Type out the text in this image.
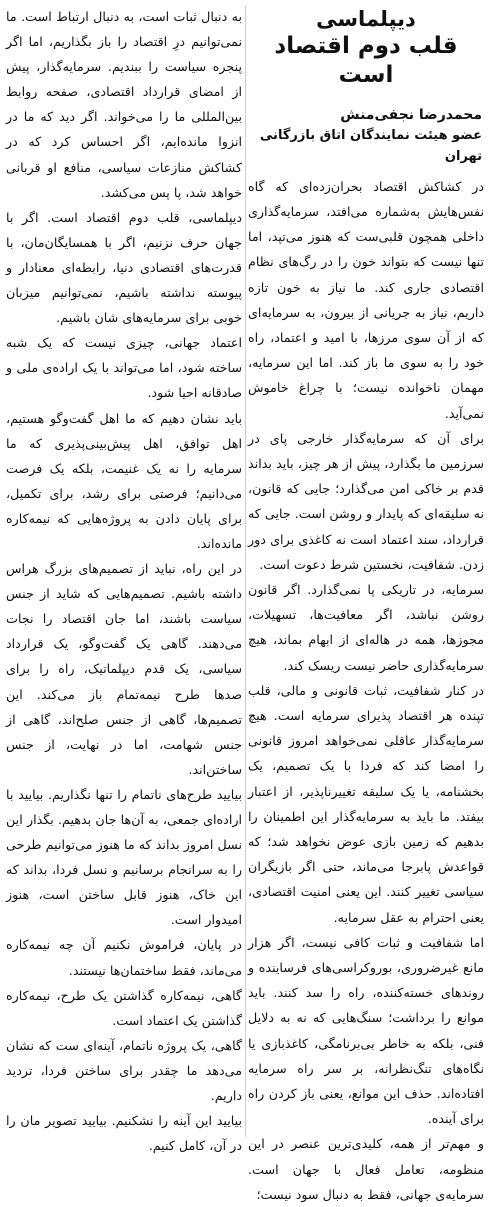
دیپلماسی
قلب دوم اقتصاد است
محمدرضا نجفی‌منش
عضو هیئت نمایندگان اتاق بازرگانی تهران

در کشاکش اقتصاد بحران‌زده‌ای که گاه نفس‌هایش به‌شماره می‌افتد، سرمایه‌گذاری داخلی همچون قلبی‌ست که هنوز می‌تپد، اما تنها نیست که بتواند خون را در رگ‌های نظام اقتصادی جاری کند. ما نیاز به خون تازه داریم، نیاز به جریانی از بیرون، به سرمایه‌ای که از آن سوی مرزها، با امید و اعتماد، راه خود را به سوی ما باز کند. اما این سرمایه، مهمان ناخوانده نیست؛ با چراغ خاموش نمی‌آید.

برای آن که سرمایه‌گذار خارجی پای در سرزمین ما بگذارد، پیش از هر چیز، باید بداند قدم بر خاکی امن می‌گذارد؛ جایی که قانون، نه سلیقه‌ای که پایدار و روشن است. جایی که قرارداد، سند اعتماد است نه کاغذی برای دور زدن. شفافیت، نخستین شرط دعوت است.

سرمایه، در تاریکی پا نمی‌گذارد. اگر قانون روشن نباشد، اگر معافیت‌ها، تسهیلات، مجوزها، همه در هاله‌ای از ابهام بماند، هیچ سرمایه‌گذاری حاضر نیست ریسک کند.

در کنار شفافیت، ثبات قانونی و مالی، قلب تپنده هر اقتصاد پذیرای سرمایه است. هیچ سرمایه‌گذار عاقلی نمی‌خواهد امروز قانونی را امضا کند که فردا با یک تصمیم، یک بخشنامه، یا یک سلیقه تغییرناپذیر، از اعتبار بیفتد. ما باید به سرمایه‌گذار این اطمینان را بدهیم که زمین بازی عوض نخواهد شد؛ که قواعدش پابرجا می‌ماند، حتی اگر بازیگران سیاسی تغییر کنند. این یعنی امنیت اقتصادی، یعنی احترام به عقل سرمایه.

اما شفافیت و ثبات کافی نیست، اگر هزار مانع غیرضروری، بوروکراسی‌های فرساینده و روندهای خسته‌کننده، راه را سد کنند. باید موانع را برداشت؛ سنگ‌هایی که نه به دلایل فنی، بلکه به خاطر بی‌برنامگی، کاغذبازی یا نگاه‌های تنگ‌نظرانه، بر سر راه سرمایه افتاده‌اند. حذف این موانع، یعنی باز کردن راه برای آینده.

و مهم‌تر از همه، کلیدی‌ترین عنصر در این منظومه، تعامل فعال با جهان است. سرمایه‌ی جهانی، فقط به دنبال سود نیست؛

به دنبال ثبات است، به دنبال ارتباط است. ما نمی‌توانیم درِ اقتصاد را باز بگذاریم، اما اگر پنجره سیاست را ببندیم. سرمایه‌گذار، پیش از امضای قرارداد اقتصادی، صفحه روابط بین‌المللی ما را می‌خواند. اگر دید که ما در انزوا مانده‌ایم، اگر احساس کرد که در کشاکش منازعات سیاسی، منافع او قربانی خواهد شد، پا پس می‌کشد.

دیپلماسی، قلب دوم اقتصاد است. اگر با جهان حرف نزنیم، اگر با همسایگان‌مان، با قدرت‌های اقتصادی دنیا، رابطه‌ای معنادار و پیوسته نداشته باشیم، نمی‌توانیم میزبان خوبی برای سرمایه‌های شان باشیم.

اعتماد جهانی، چیزی نیست که یک شبه ساخته شود، اما می‌تواند با یک اراده‌ی ملی و صادقانه احیا شود.

باید نشان دهیم که ما اهل گفت‌وگو هستیم، اهل توافق، اهل پیش‌بینی‌پذیری که ما سرمایه را نه یک غنیمت، بلکه یک فرصت می‌دانیم؛ فرصتی برای رشد، برای تکمیل، برای پایان دادن به پروژه‌هایی که نیمه‌کاره مانده‌اند.

در این راه، نباید از تصمیم‌های بزرگ هراس داشته باشیم. تصمیم‌هایی که شاید از جنس سیاست باشند، اما جان اقتصاد را نجات می‌دهند. گاهی یک گفت‌وگو، یک قرارداد سیاسی، یک قدم دیپلماتیک، راه را برای صدها طرح نیمه‌تمام باز می‌کند. این تصمیم‌ها، گاهی از جنس صلح‌اند، گاهی از جنس شهامت، اما در نهایت، از جنس ساختن‌اند.

بیایید طرح‌های ناتمام را تنها نگذاریم. بیایید با اراده‌ای جمعی، به آن‌ها جان بدهیم. بگذار این نسل امروز بداند که ما هنوز می‌توانیم طرحی را به سرانجام برسانیم و نسل فردا، بداند که این خاک، هنوز قابل ساختن است، هنوز امیدوار است.

در پایان، فراموش نکنیم آن چه نیمه‌کاره می‌ماند، فقط ساختمان‌ها نیستند.

گاهی، نیمه‌کاره گذاشتن یک طرح، نیمه‌کاره گذاشتن یک اعتماد است.

گاهی، یک پروژه ناتمام، آینه‌ای ست که نشان می‌دهد ما چقدر برای ساختن فردا، تردید داریم.

بیایید این آینه را نشکنیم. بیایید تصویر مان را در آن، کامل کنیم.
